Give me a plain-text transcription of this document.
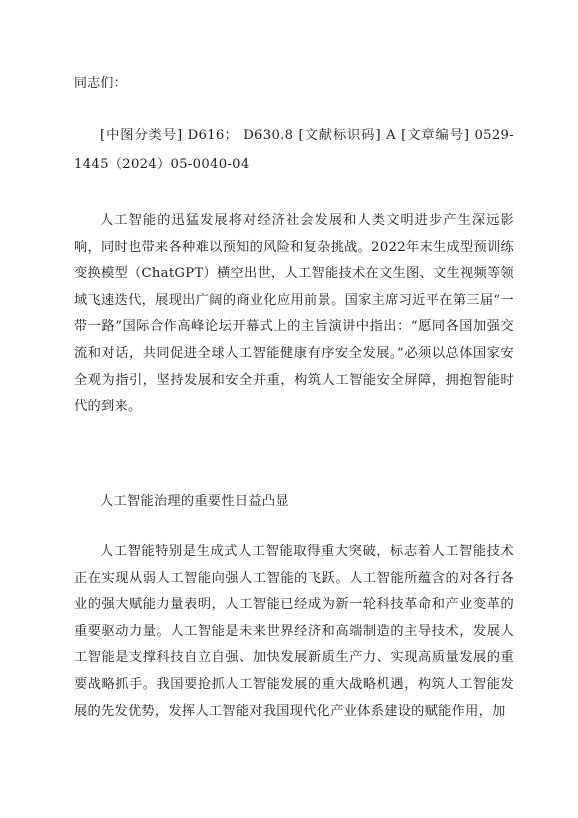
同志们：

[中图分类号] D616； D630.8 [文献标识码] A [文章编号] 0529-1445（2024）05-0040-04

人工智能的迅猛发展将对经济社会发展和人类文明进步产生深远影响，同时也带来各种难以预知的风险和复杂挑战。2022年末生成型预训练变换模型（ChatGPT）横空出世，人工智能技术在文生图、文生视频等领域飞速迭代，展现出广阔的商业化应用前景。国家主席习近平在第三届“一带一路”国际合作高峰论坛开幕式上的主旨演讲中指出：“愿同各国加强交流和对话，共同促进全球人工智能健康有序安全发展。”必须以总体国家安全观为指引，坚持发展和安全并重，构筑人工智能安全屏障，拥抱智能时代的到来。

人工智能治理的重要性日益凸显

人工智能特别是生成式人工智能取得重大突破，标志着人工智能技术正在实现从弱人工智能向强人工智能的飞跃。人工智能所蕴含的对各行各业的强大赋能力量表明，人工智能已经成为新一轮科技革命和产业变革的重要驱动力量。人工智能是未来世界经济和高端制造的主导技术，发展人工智能是支撑科技自立自强、加快发展新质生产力、实现高质量发展的重要战略抓手。我国要抢抓人工智能发展的重大战略机遇，构筑人工智能发展的先发优势，发挥人工智能对我国现代化产业体系建设的赋能作用，加
